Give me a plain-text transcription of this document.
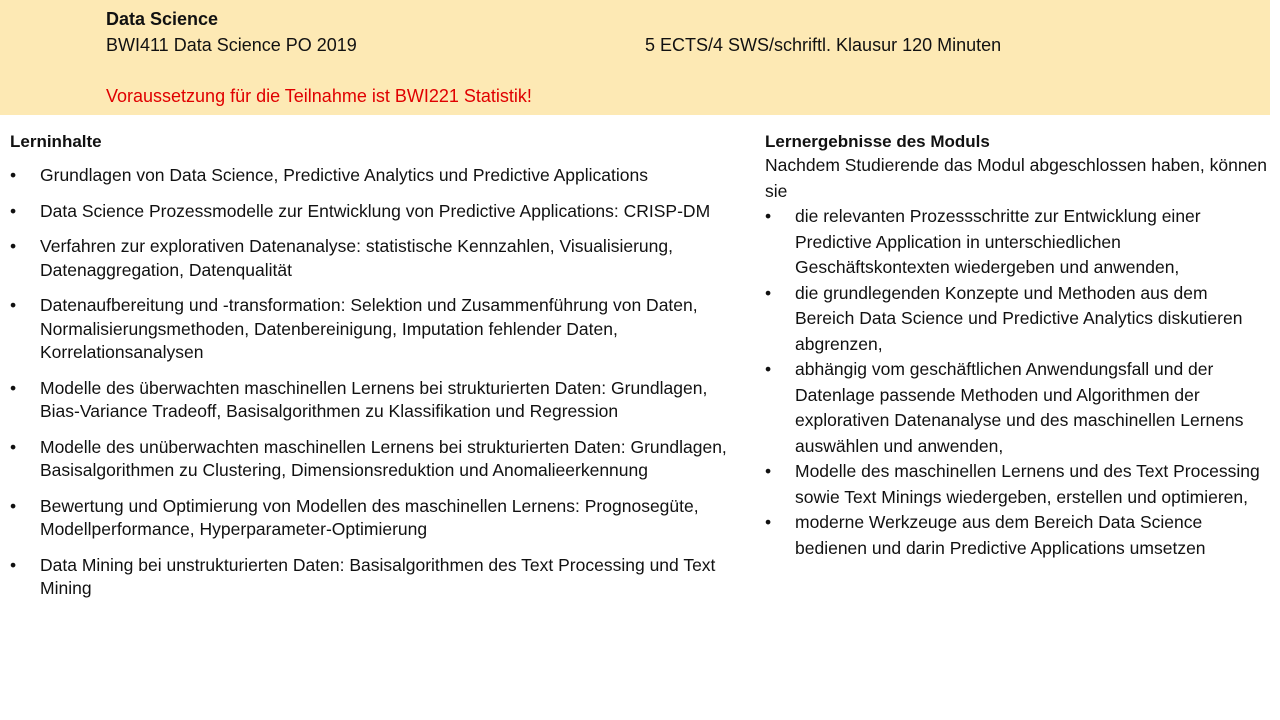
Data Science
BWI411 Data Science PO 2019	5 ECTS/4 SWS/schriftl. Klausur 120 Minuten
Voraussetzung für die Teilnahme ist BWI221 Statistik!
Lerninhalte
• Grundlagen von Data Science, Predictive Analytics und Predictive Applications
• Data Science Prozessmodelle zur Entwicklung von Predictive Applications: CRISP-DM
• Verfahren zur explorativen Datenanalyse: statistische Kennzahlen, Visualisierung, Datenaggregation, Datenqualität
• Datenaufbereitung und -transformation: Selektion und Zusammenführung von Daten, Normalisierungsmethoden, Datenbereinigung, Imputation fehlender Daten, Korrelationsanalysen
• Modelle des überwachten maschinellen Lernens bei strukturierten Daten: Grundlagen, Bias-Variance Tradeoff, Basisalgorithmen zu Klassifikation und Regression
• Modelle des unüberwachten maschinellen Lernens bei strukturierten Daten: Grundlagen, Basisalgorithmen zu Clustering, Dimensionsreduktion und Anomalieerkennung
• Bewertung und Optimierung von Modellen des maschinellen Lernens: Prognosegüte, Modellperformance, Hyperparameter-Optimierung
• Data Mining bei unstrukturierten Daten: Basisalgorithmen des Text Processing und Text Mining
Lernergebnisse des Moduls
Nachdem Studierende das Modul abgeschlossen haben, können sie
• die relevanten Prozessschritte zur Entwicklung einer Predictive Application in unterschiedlichen Geschäftskontexten wiedergeben und anwenden,
• die grundlegenden Konzepte und Methoden aus dem Bereich Data Science und Predictive Analytics diskutieren abgrenzen,
• abhängig vom geschäftlichen Anwendungsfall und der Datenlage passende Methoden und Algorithmen der explorativen Datenanalyse und des maschinellen Lernens auswählen und anwenden,
• Modelle des maschinellen Lernens und des Text Processing sowie Text Minings wiedergeben, erstellen und optimieren,
• moderne Werkzeuge aus dem Bereich Data Science bedienen und darin Predictive Applications umsetzen
